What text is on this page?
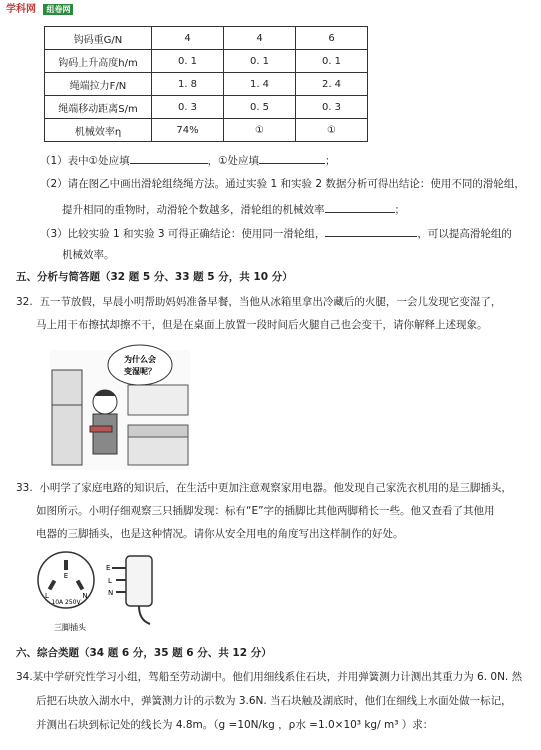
学科网 组卷网
钩码重G/N	4	4	6
钩码上升高度h/m	0. 1	0. 1	0. 1
绳端拉力F/N	1. 8	1. 4	2. 4
绳端移动距离S/m	0. 3	0. 5	0. 3
机械效率η	74%	①	①
（1）表中①处应填	，①处应填	；
（2）请在图乙中画出滑轮组绕绳方法。通过实验 1 和实验 2 数据分析可得出结论：使用不同的滑轮组，
提升相同的重物时，动滑轮个数越多，滑轮组的机械效率	；
（3）比较实验 1 和实验 3 可得正确结论：使用同一滑轮组，	，可以提高滑轮组的
机械效率。
五、分析与简答题（32 题 5 分、33 题 5 分，共 10 分）
32. 五一节放假，早晨小明帮助妈妈准备早餐，当他从冰箱里拿出冷藏后的火腿，一会儿发现它变湿了，
马上用干布擦拭却擦不干，但是在桌面上放置一段时间后火腿自己也会变干，请你解释上述现象。
为什么会
变湿呢？
33. 小明学了家庭电路的知识后，在生活中更加注意观察家用电器。他发现自己家洗衣机用的是三脚插头，
如图所示。小明仔细观察三只插脚发现：标有“E”字的插脚比其他两脚稍长一些。他又查看了其他用
电器的三脚插头，也是这种情况。请你从安全用电的角度写出这样制作的好处。
E
L	N
10A 250V
三脚插头
E
L
N
六、综合类题（34 题 6 分，35 题 6 分、共 12 分）
34.某中学研究性学习小组，驾船至劳动湖中。他们用细线系住石块，并用弹簧测力计测出其重力为 6. 0N. 然
后把石块放入湖水中，弹簧测力计的示数为 3.6N. 当石块触及湖底时，他们在细线上水面处做一标记，
并测出石块到标记处的线长为 4.8m。（g =10N/kg ，ρ水 =1.0×10³ kg/ m³ ）求：
